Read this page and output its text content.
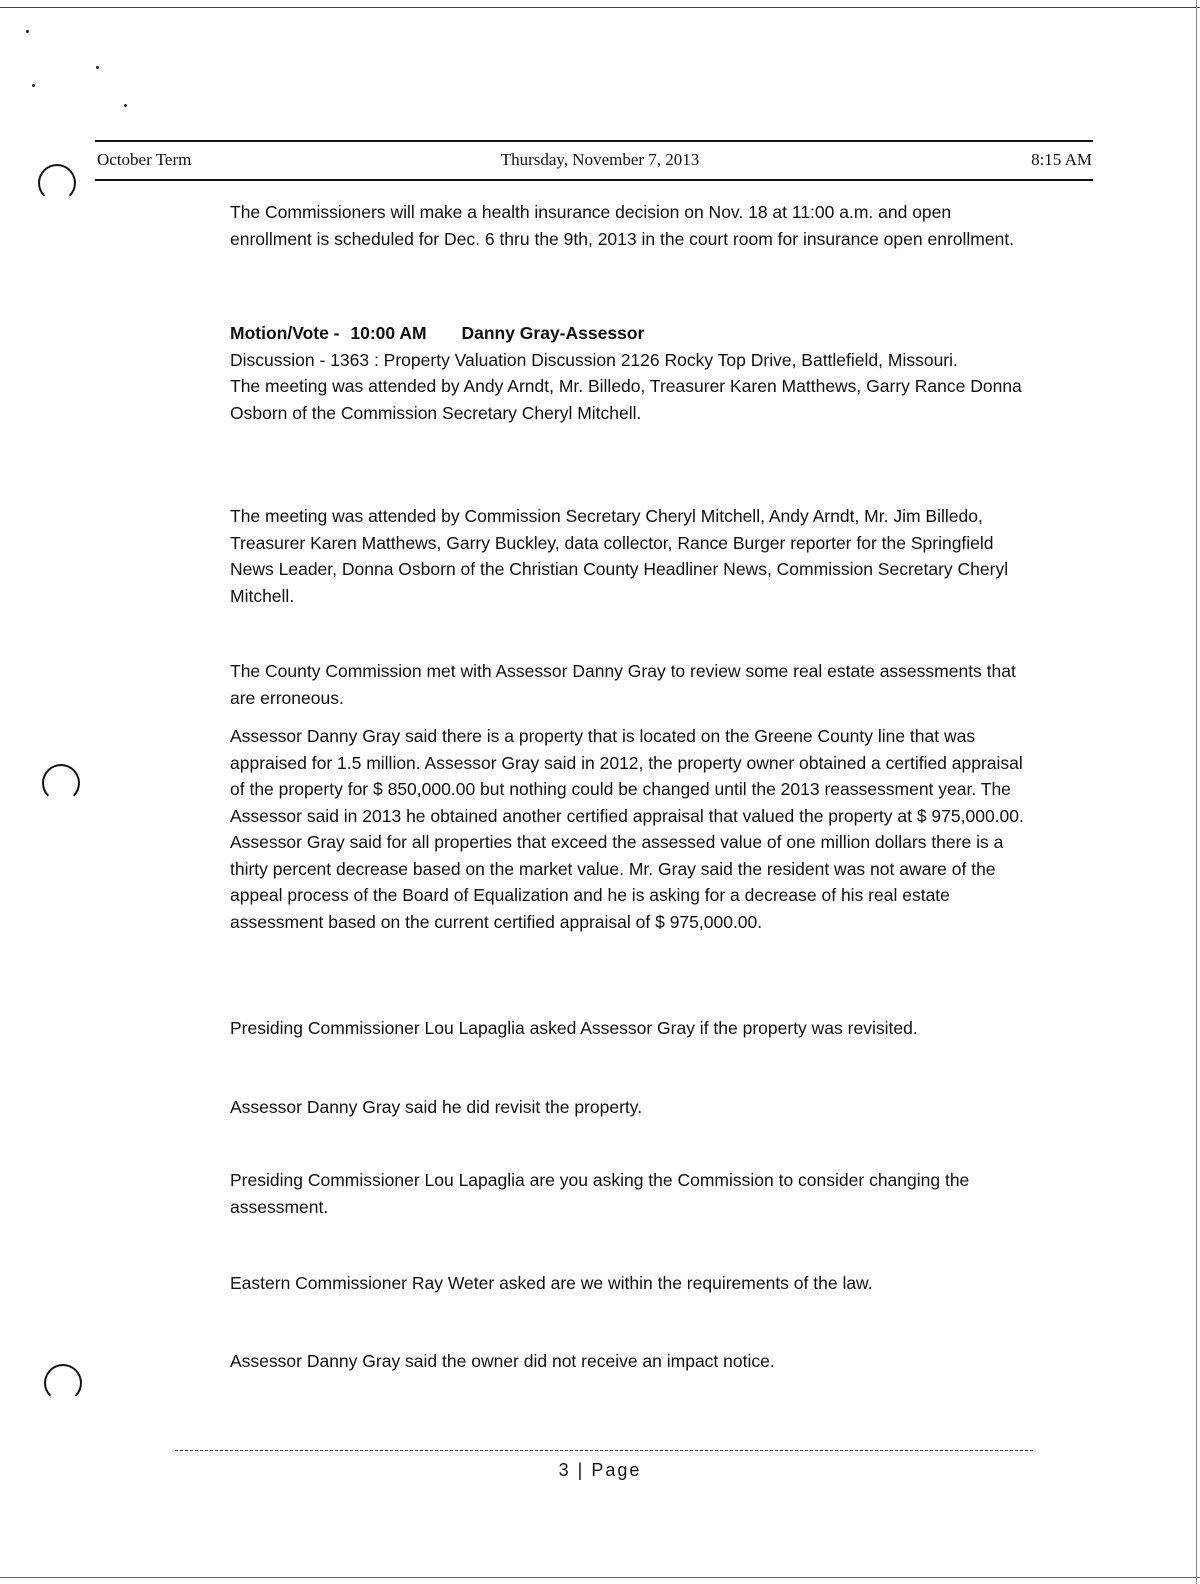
October Term	Thursday, November 7, 2013	8:15 AM

The Commissioners will make a health insurance decision on Nov. 18 at 11:00 a.m. and open enrollment is scheduled for Dec. 6 thru the 9th, 2013 in the court room for insurance open enrollment.

Motion/Vote - 10:00 AM Danny Gray-Assessor

Discussion - 1363 : Property Valuation Discussion 2126 Rocky Top Drive, Battlefield, Missouri.

The meeting was attended by Andy Arndt, Mr. Billedo, Treasurer Karen Matthews, Garry Rance Donna Osborn of the Commission Secretary Cheryl Mitchell.

The meeting was attended by Commission Secretary Cheryl Mitchell, Andy Arndt, Mr. Jim Billedo, Treasurer Karen Matthews, Garry Buckley, data collector, Rance Burger reporter for the Springfield News Leader, Donna Osborn of the Christian County Headliner News, Commission Secretary Cheryl Mitchell.

The County Commission met with Assessor Danny Gray to review some real estate assessments that are erroneous.

Assessor Danny Gray said there is a property that is located on the Greene County line that was appraised for 1.5 million. Assessor Gray said in 2012, the property owner obtained a certified appraisal of the property for $ 850,000.00 but nothing could be changed until the 2013 reassessment year. The Assessor said in 2013 he obtained another certified appraisal that valued the property at $ 975,000.00. Assessor Gray said for all properties that exceed the assessed value of one million dollars there is a thirty percent decrease based on the market value. Mr. Gray said the resident was not aware of the appeal process of the Board of Equalization and he is asking for a decrease of his real estate assessment based on the current certified appraisal of $ 975,000.00.

Presiding Commissioner Lou Lapaglia asked Assessor Gray if the property was revisited.

Assessor Danny Gray said he did revisit the property.

Presiding Commissioner Lou Lapaglia are you asking the Commission to consider changing the assessment.

Eastern Commissioner Ray Weter asked are we within the requirements of the law.

Assessor Danny Gray said the owner did not receive an impact notice.

3 | Page
